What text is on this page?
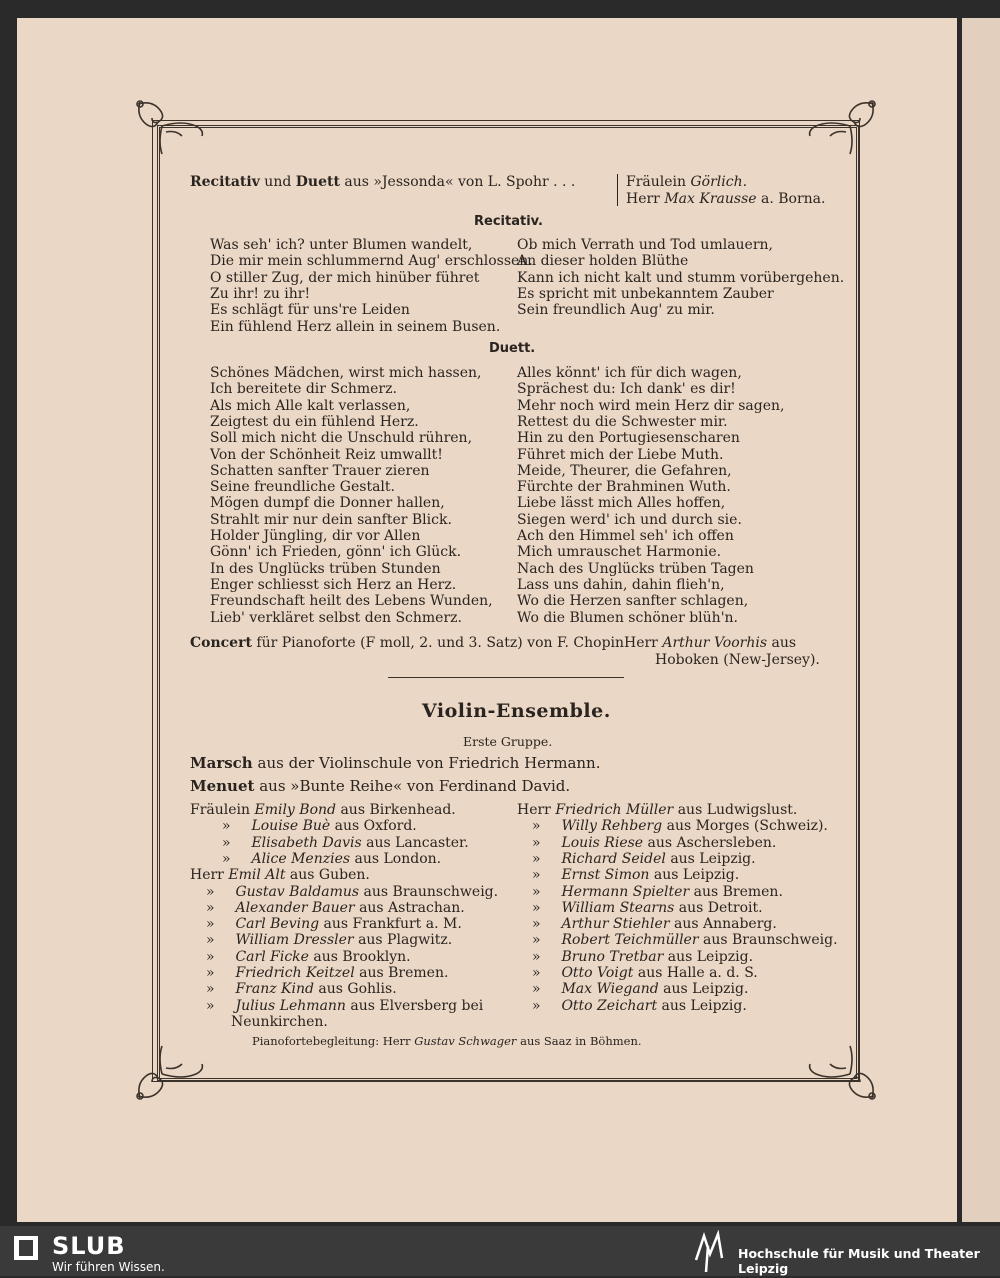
Recitativ und Duett aus »Jessonda« von L. Spohr . . .	Fräulein Görlich.
Herr Max Krausse a. Borna.
Recitativ.
Was seh' ich? unter Blumen wandelt,
Die mir mein schlummernd Aug' erschlossen.
O stiller Zug, der mich hinüber führet
Zu ihr! zu ihr!
Es schlägt für uns're Leiden
Ein fühlend Herz allein in seinem Busen.
Ob mich Verrath und Tod umlauern,
An dieser holden Blüthe
Kann ich nicht kalt und stumm vorübergehen.
Es spricht mit unbekanntem Zauber
Sein freundlich Aug' zu mir.
Duett.
Schönes Mädchen, wirst mich hassen,
Ich bereitete dir Schmerz.
Als mich Alle kalt verlassen,
Zeigtest du ein fühlend Herz.
Soll mich nicht die Unschuld rühren,
Von der Schönheit Reiz umwallt!
Schatten sanfter Trauer zieren
Seine freundliche Gestalt.
Mögen dumpf die Donner hallen,
Strahlt mir nur dein sanfter Blick.
Holder Jüngling, dir vor Allen
Gönn' ich Frieden, gönn' ich Glück.
In des Unglücks trüben Stunden
Enger schliesst sich Herz an Herz.
Freundschaft heilt des Lebens Wunden,
Lieb' verkläret selbst den Schmerz.
Alles könnt' ich für dich wagen,
Sprächest du: Ich dank' es dir!
Mehr noch wird mein Herz dir sagen,
Rettest du die Schwester mir.
Hin zu den Portugiesenscharen
Führet mich der Liebe Muth.
Meide, Theurer, die Gefahren,
Fürchte der Brahminen Wuth.
Liebe lässt mich Alles hoffen,
Siegen werd' ich und durch sie.
Ach den Himmel seh' ich offen
Mich umrauschet Harmonie.
Nach des Unglücks trüben Tagen
Lass uns dahin, dahin flieh'n,
Wo die Herzen sanfter schlagen,
Wo die Blumen schöner blüh'n.
Concert für Pianoforte (F moll, 2. und 3. Satz) von F. Chopin Herr Arthur Voorhis aus
Hoboken (New-Jersey).
Violin-Ensemble.
Erste Gruppe.
Marsch aus der Violinschule von Friedrich Hermann.
Menuet aus »Bunte Reihe« von Ferdinand David.
Fräulein Emily Bond aus Birkenhead.
» Louise Buè aus Oxford.
» Elisabeth Davis aus Lancaster.
» Alice Menzies aus London.
Herr Emil Alt aus Guben.
» Gustav Baldamus aus Braunschweig.
» Alexander Bauer aus Astrachan.
» Carl Beving aus Frankfurt a. M.
» William Dressler aus Plagwitz.
» Carl Ficke aus Brooklyn.
» Friedrich Keitzel aus Bremen.
» Franz Kind aus Gohlis.
» Julius Lehmann aus Elversberg bei
Herr Friedrich Müller aus Ludwigslust.
» Willy Rehberg aus Morges (Schweiz).
» Louis Riese aus Aschersleben.
» Richard Seidel aus Leipzig.
» Ernst Simon aus Leipzig.
» Hermann Spielter aus Bremen.
» William Stearns aus Detroit.
» Arthur Stiehler aus Annaberg.
» Robert Teichmüller aus Braunschweig.
» Bruno Tretbar aus Leipzig.
» Otto Voigt aus Halle a. d. S.
» Max Wiegand aus Leipzig.
» Otto Zeichart aus Leipzig.
Neunkirchen.
Pianofortebegleitung: Herr Gustav Schwager aus Saaz in Böhmen.
SLUB
Wir führen Wissen.
Hochschule für Musik und Theater Leipzig
